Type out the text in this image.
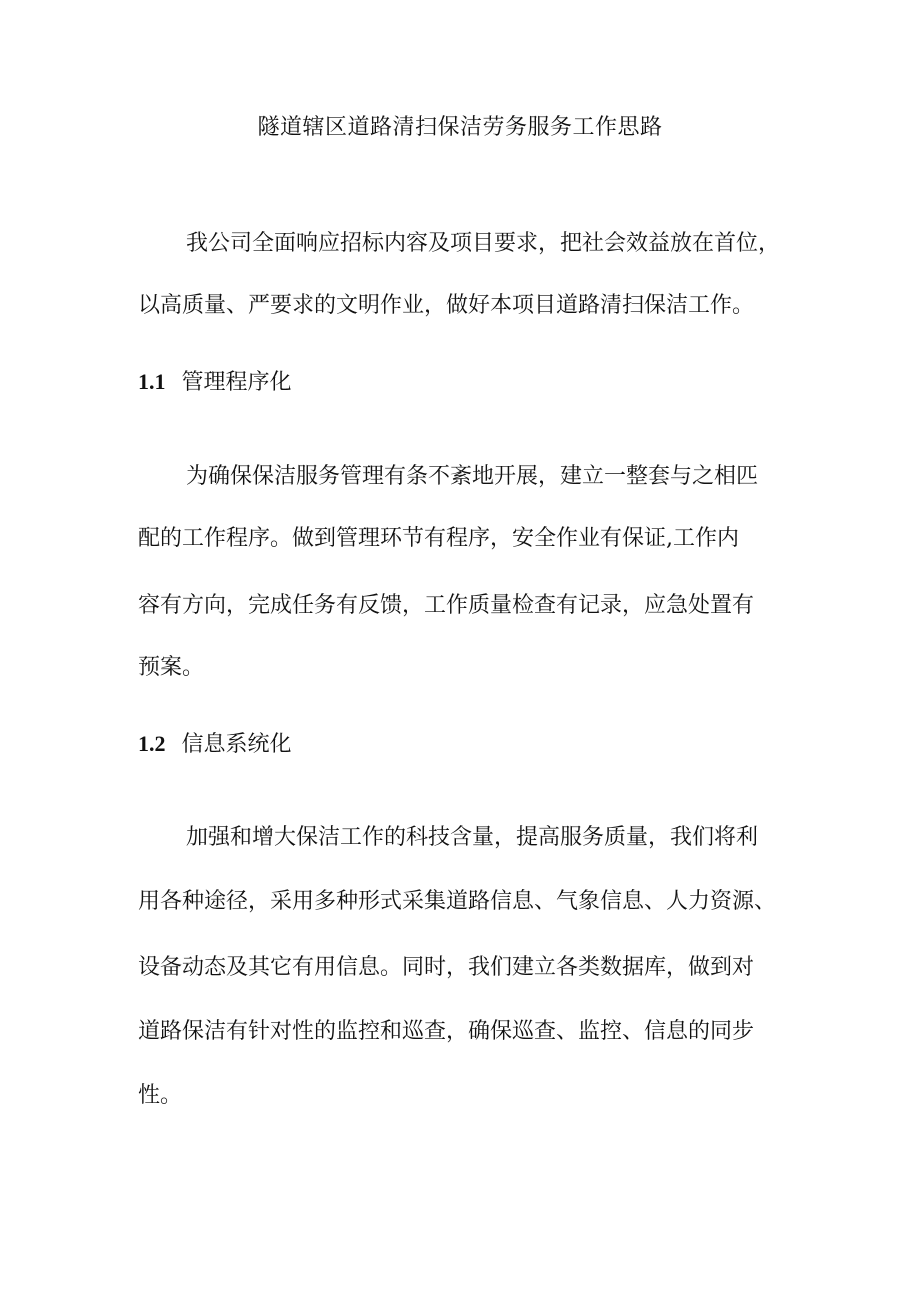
隧道辖区道路清扫保洁劳务服务工作思路
我公司全面响应招标内容及项目要求，把社会效益放在首位，
以高质量、严要求的文明作业，做好本项目道路清扫保洁工作。
1.1 管理程序化
为确保保洁服务管理有条不紊地开展，建立一整套与之相匹
配的工作程序。做到管理环节有程序，安全作业有保证,工作内
容有方向，完成任务有反馈，工作质量检查有记录，应急处置有
预案。
1.2 信息系统化
加强和增大保洁工作的科技含量，提高服务质量，我们将利
用各种途径，采用多种形式采集道路信息、气象信息、人力资源、
设备动态及其它有用信息。同时，我们建立各类数据库，做到对
道路保洁有针对性的监控和巡查，确保巡查、监控、信息的同步
性。
